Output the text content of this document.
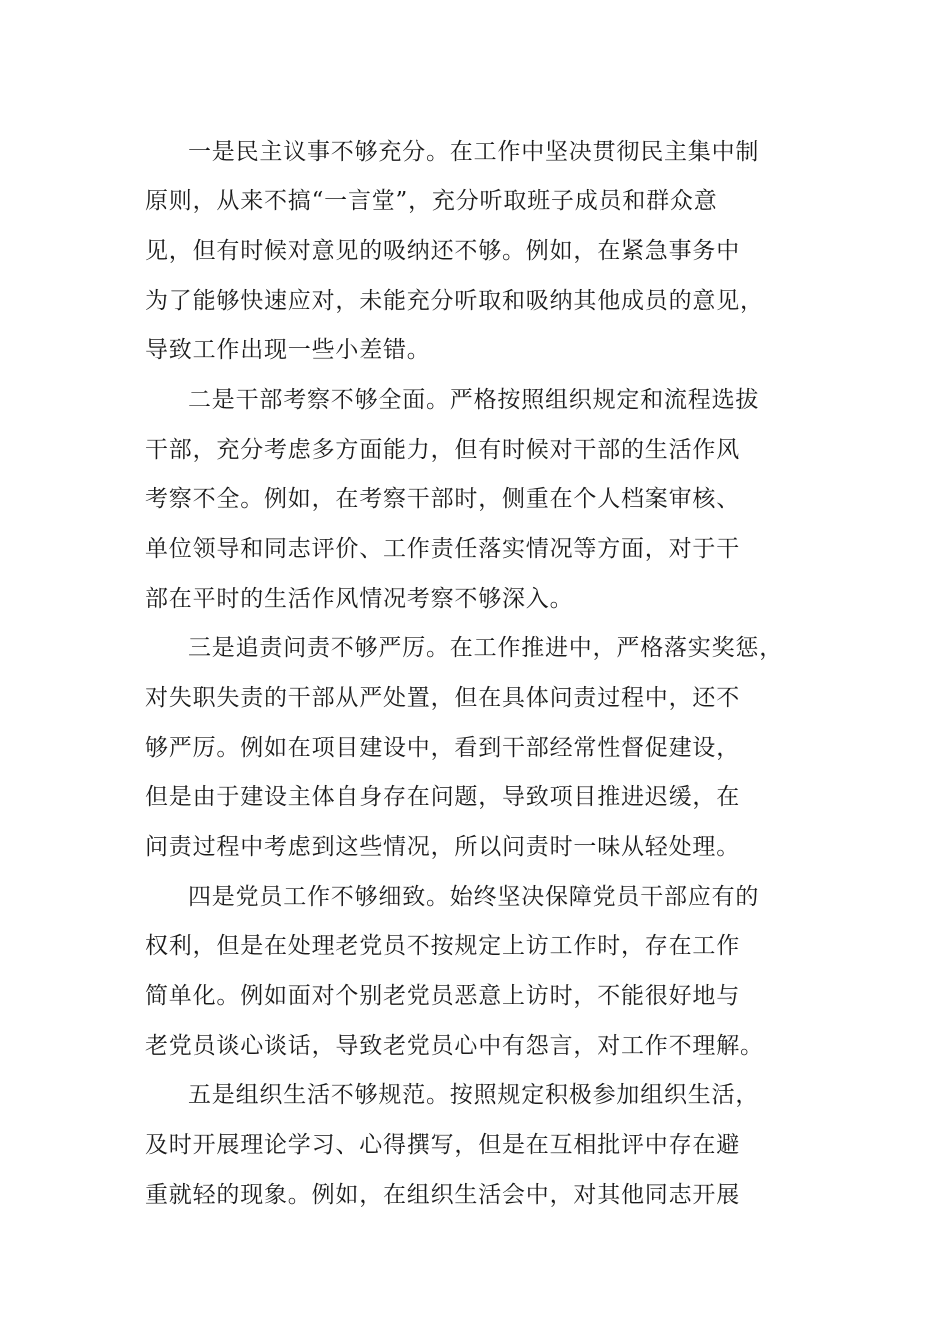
一是民主议事不够充分。在工作中坚决贯彻民主集中制
原则，从来不搞“一言堂”，充分听取班子成员和群众意
见，但有时候对意见的吸纳还不够。例如，在紧急事务中
为了能够快速应对，未能充分听取和吸纳其他成员的意见，
导致工作出现一些小差错。
二是干部考察不够全面。严格按照组织规定和流程选拔
干部，充分考虑多方面能力，但有时候对干部的生活作风
考察不全。例如，在考察干部时，侧重在个人档案审核、
单位领导和同志评价、工作责任落实情况等方面，对于干
部在平时的生活作风情况考察不够深入。
三是追责问责不够严厉。在工作推进中，严格落实奖惩，
对失职失责的干部从严处置，但在具体问责过程中，还不
够严厉。例如在项目建设中，看到干部经常性督促建设，
但是由于建设主体自身存在问题，导致项目推进迟缓，在
问责过程中考虑到这些情况，所以问责时一味从轻处理。
四是党员工作不够细致。始终坚决保障党员干部应有的
权利，但是在处理老党员不按规定上访工作时，存在工作
简单化。例如面对个别老党员恶意上访时，不能很好地与
老党员谈心谈话，导致老党员心中有怨言，对工作不理解。
五是组织生活不够规范。按照规定积极参加组织生活，
及时开展理论学习、心得撰写，但是在互相批评中存在避
重就轻的现象。例如，在组织生活会中，对其他同志开展
